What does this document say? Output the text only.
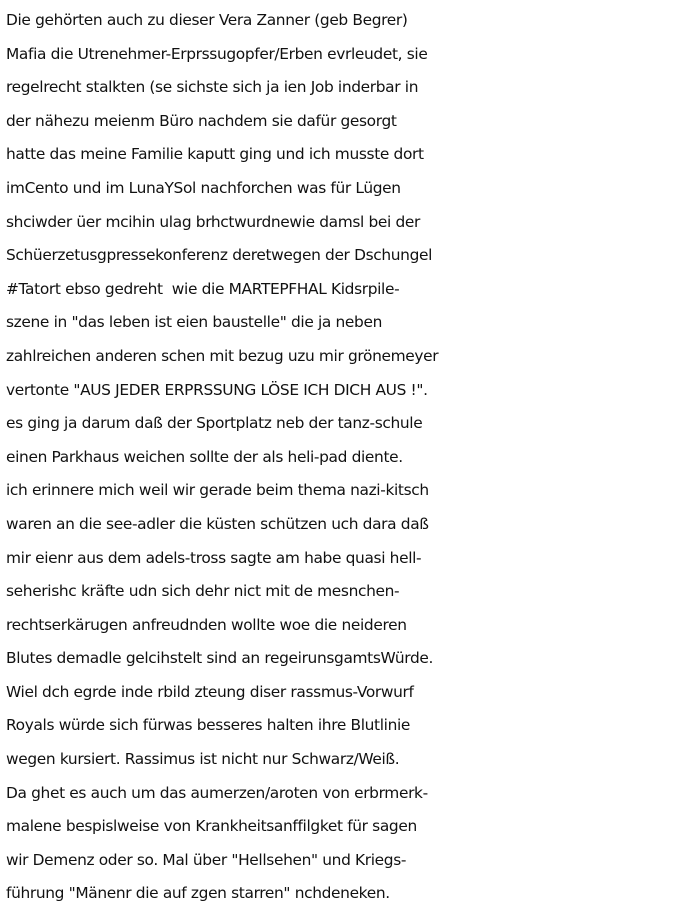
Die gehörten auch zu dieser Vera Zanner (geb Begrer)
Mafia die Utrenehmer-Erprssugopfer/Erben evrleudet, sie
regelrecht stalkten (se sichste sich ja ien Job inderbar in
der nähezu meienm Büro nachdem sie dafür gesorgt
hatte das meine Familie kaputt ging und ich musste dort
imCento und im LunaYSol nachforchen was für Lügen
shciwder üer mcihin ulag brhctwurdnewie damsl bei der
Schüerzetusgpressekonferenz deretwegen der Dschungel
#Tatort ebso gedreht  wie die MARTEPFHAL Kidsrpile-
szene in "das leben ist eien baustelle" die ja neben
zahlreichen anderen schen mit bezug uzu mir grönemeyer
vertonte "AUS JEDER ERPRSSUNG LÖSE ICH DICH AUS !".
es ging ja darum daß der Sportplatz neb der tanz-schule
einen Parkhaus weichen sollte der als heli-pad diente.
ich erinnere mich weil wir gerade beim thema nazi-kitsch
waren an die see-adler die küsten schützen uch dara daß
mir eienr aus dem adels-tross sagte am habe quasi hell-
seherishc kräfte udn sich dehr nict mit de mesnchen-
rechtserkärugen anfreudnden wollte woe die neideren
Blutes demadle gelcihstelt sind an regeirunsgamtsWürde.
Wiel dch egrde inde rbild zteung diser rassmus-Vorwurf
Royals würde sich fürwas besseres halten ihre Blutlinie
wegen kursiert. Rassimus ist nicht nur Schwarz/Weiß.
Da ghet es auch um das aumerzen/aroten von erbrmerk-
malene bespislweise von Krankheitsanffilgket für sagen
wir Demenz oder so. Mal über "Hellsehen" und Kriegs-
führung "Mänenr die auf zgen starren" nchdeneken.
